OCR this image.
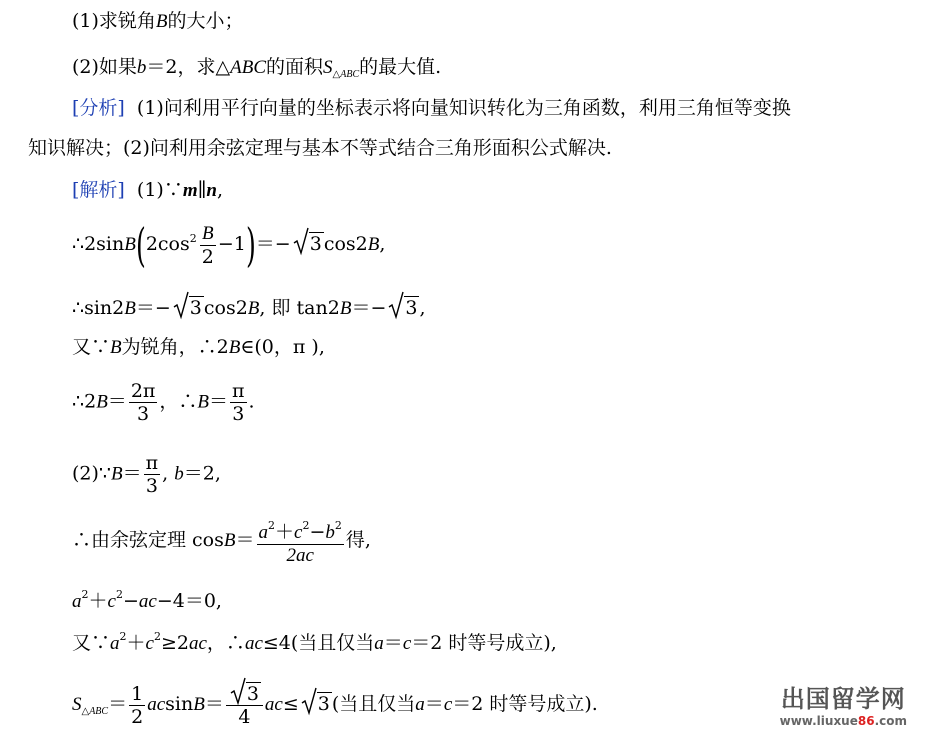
(1)求锐角B的大小；
(2)如果b＝2，求△ABC的面积$S_{\triangle ABC}$的最大值.
[分析] (1)问利用平行向量的坐标表示将向量知识转化为三角函数，利用三角恒等变换
知识解决；(2)问利用余弦定理与基本不等式结合三角形面积公式解决.
[解析] (1)∵m∥n,
$\therefore 2\sin B(2\cos^2 \frac{B}{2} -1)=- 3$ cos2B,
∴sin2B＝− 3 cos2B, 即 tan2B＝− 3 ,
又∵B为锐角，∴2B∈(0，π ),
∴2B＝ $\frac{2\pi}{3}$ ，∴B＝ $\frac{\pi}{3}$ .
(2)∵B＝ $\frac{\pi}{3}$ , b＝2,
∴由余弦定理 $\cos B= \frac{a^2+c^2-b^2}{2ac}$ 得,
$a^2+c^2-ac-4=0$,
又$\because a^2+c^2\ge 2ac$，∴ac≤4(当且仅当a＝c＝2 时等号成立),
$S_{\triangle ABC}= \frac{1}{2} acsinB= \frac{3}{4} ac\le 3$ (当且仅当a＝c＝2 时等号成立).	出国留学网
www.liuxue86.com
